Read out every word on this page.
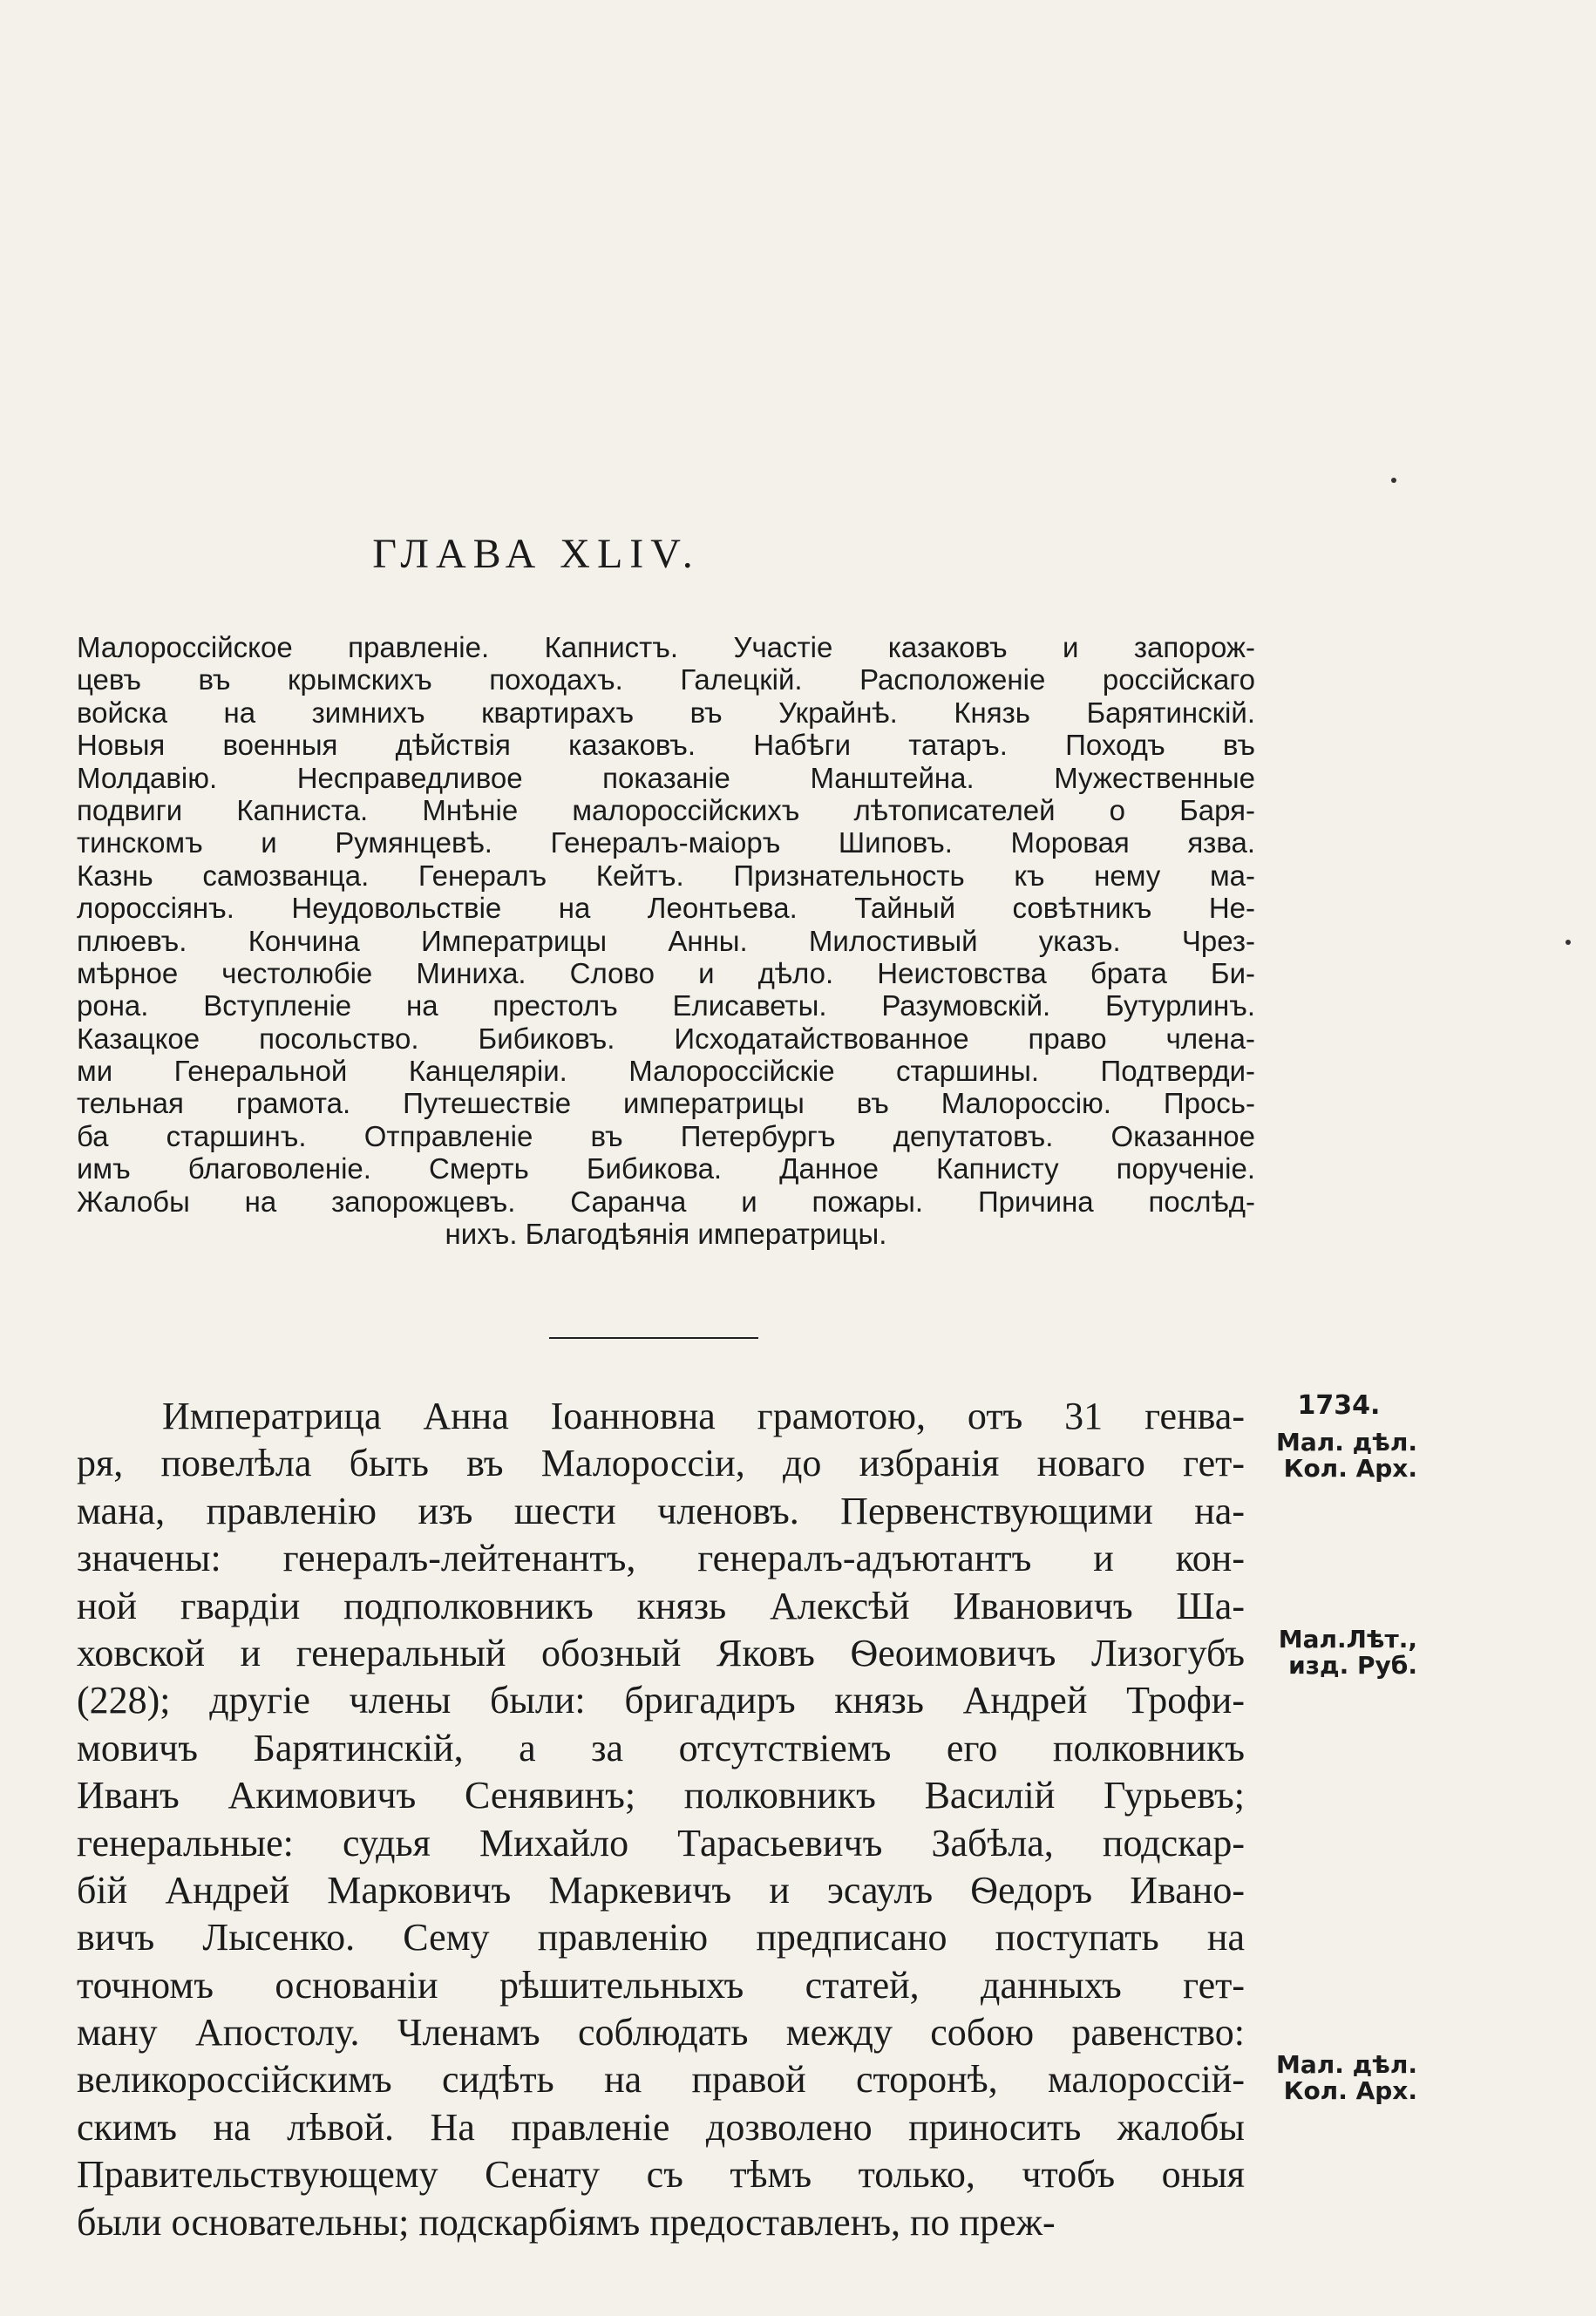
ГЛАВА XLIV.
Малороссійское правленіе. Капнистъ. Участіе казаковъ и запорож-
цевъ въ крымскихъ походахъ. Галецкій. Расположеніе россійскаго
войска на зимнихъ квартирахъ въ Украйнѣ. Князь Барятинскій.
Новыя военныя дѣйствія казаковъ. Набѣги татаръ. Походъ въ
Молдавію. Несправедливое показаніе Манштейна. Мужественные
подвиги Капниста. Мнѣніе малороссійскихъ лѣтописателей о Баря-
тинскомъ и Румянцевѣ. Генералъ-маіоръ Шиповъ. Моровая язва.
Казнь самозванца. Генералъ Кейтъ. Признательность къ нему ма-
лороссіянъ. Неудовольствіе на Леонтьева. Тайный совѣтникъ Не-
плюевъ. Кончина Императрицы Анны. Милостивый указъ. Чрез-
мѣрное честолюбіе Миниха. Слово и дѣло. Неистовства брата Би-
рона. Вступленіе на престолъ Елисаветы. Разумовскій. Бутурлинъ.
Казацкое посольство. Бибиковъ. Исходатайствованное право члена-
ми Генеральной Канцеляріи. Малороссійскіе старшины. Подтверди-
тельная грамота. Путешествіе императрицы въ Малороссію. Прось-
ба старшинъ. Отправленіе въ Петербургъ депутатовъ. Оказанное
имъ благоволеніе. Смерть Бибикова. Данное Капнисту порученіе.
Жалобы на запорожцевъ. Саранча и пожары. Причина послѣд-
нихъ. Благодѣянія императрицы.
Императрица Анна Іоанновна грамотою, отъ 31 генва-
ря, повелѣла быть въ Малороссіи, до избранія новаго гет-
мана, правленію изъ шести членовъ. Первенствующими на-
значены: генералъ-лейтенантъ, генералъ-адъютантъ и кон-
ной гвардіи подполковникъ князь Алексѣй Ивановичъ Ша-
ховской и генеральный обозный Яковъ Ѳеоимовичъ Лизогубъ
(228); другіе члены были: бригадиръ князь Андрей Трофи-
мовичъ Барятинскій, а за отсутствіемъ его полковникъ
Иванъ Акимовичъ Сенявинъ; полковникъ Василій Гурьевъ;
генеральные: судья Михайло Тарасьевичъ Забѣла, подскар-
бій Андрей Марковичъ Маркевичъ и эсаулъ Ѳедоръ Ивано-
вичъ Лысенко. Сему правленію предписано поступать на
точномъ основаніи рѣшительныхъ статей, данныхъ гет-
ману Апостолу. Членамъ соблюдать между собою равенство:
великороссійскимъ сидѣть на правой сторонѣ, малороссій-
скимъ на лѣвой. На правленіе дозволено приносить жалобы
Правительствующему Сенату съ тѣмъ только, чтобъ оныя
были основательны; подскарбіямъ предоставленъ, по преж-
1734.
Мал. дѣл.
Кол. Арх.
Мал.Лѣт.,
изд. Руб.
Мал. дѣл.
Кол. Арх.
